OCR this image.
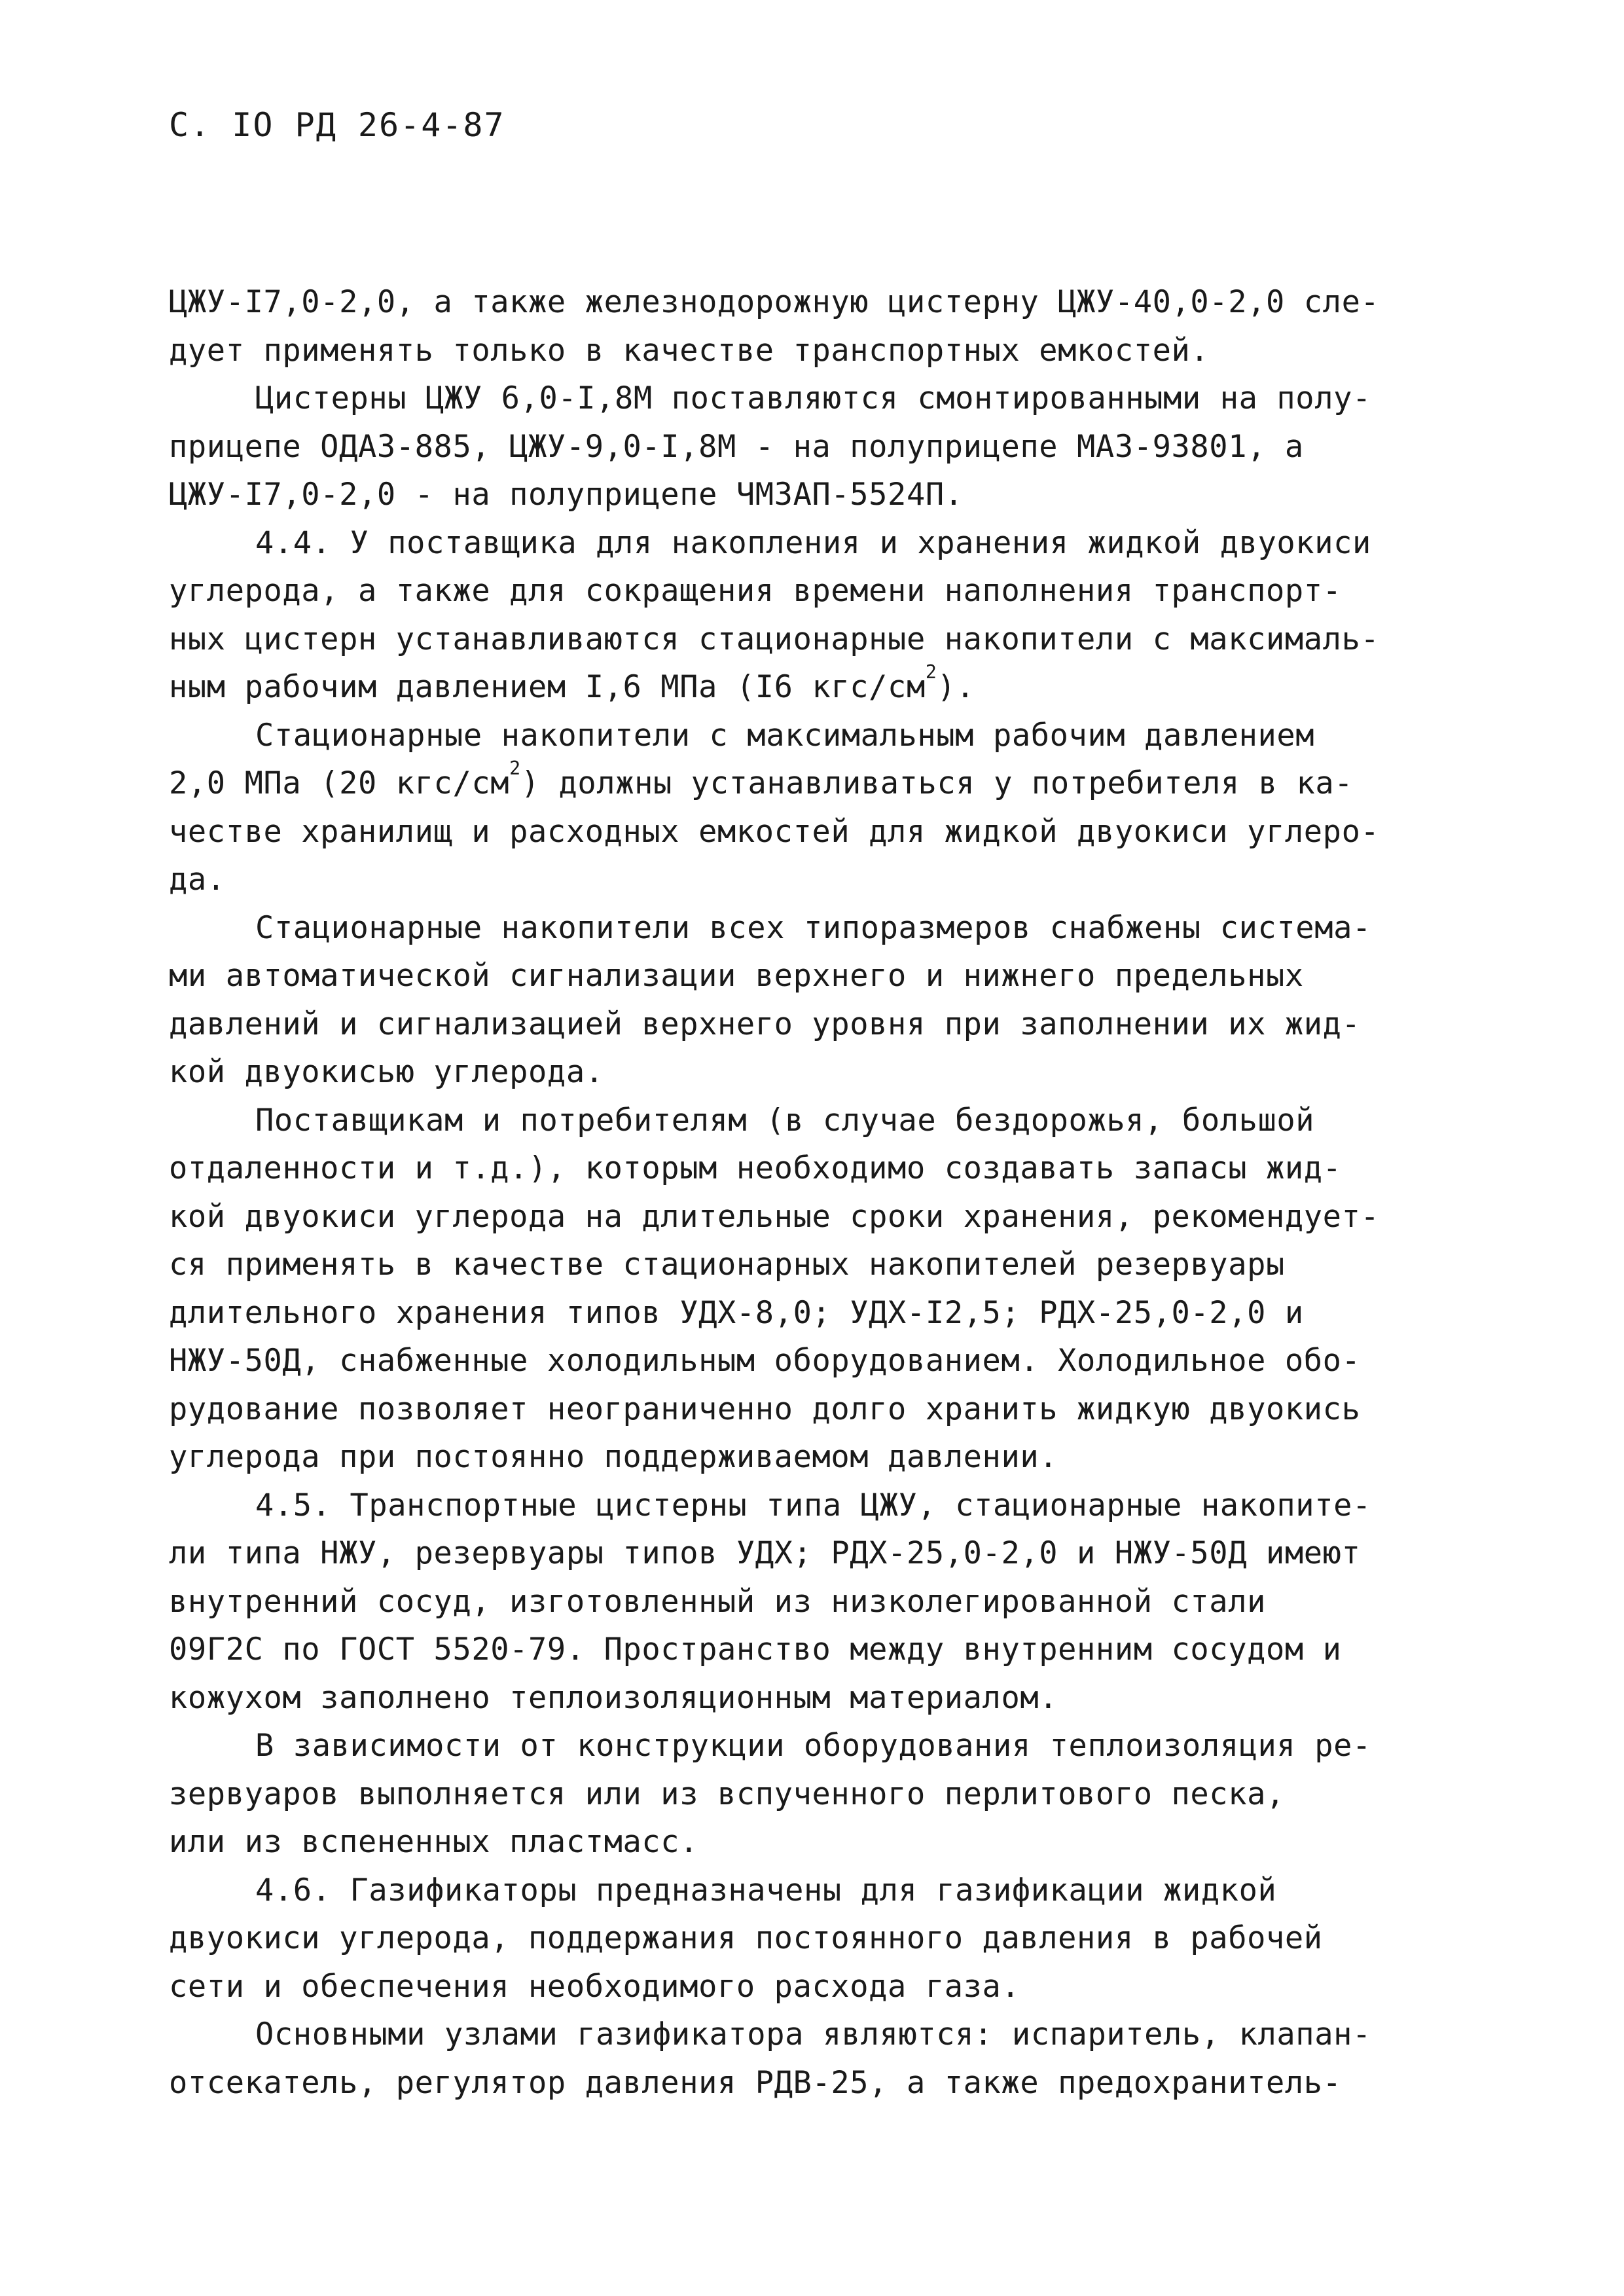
С. IO РД 26-4-87
ЦЖУ-I7,0-2,0, а также железнодорожную цистерну ЦЖУ-40,0-2,0 сле-
дует применять только в качестве транспортных емкостей.
Цистерны ЦЖУ 6,0-I,8М поставляются смонтированными на полу-
прицепе ОДАЗ-885, ЦЖУ-9,0-I,8М - на полуприцепе МАЗ-93801, а
ЦЖУ-I7,0-2,0 - на полуприцепе ЧМЗАП-5524П.
4.4. У поставщика для накопления и хранения жидкой двуокиси
углерода, а также для сокращения времени наполнения транспорт-
ных цистерн устанавливаются стационарные накопители с максималь-
ным рабочим давлением I,6 МПа (I6 кгс/$см^2$).
Стационарные накопители с максимальным рабочим давлением
2,0 МПа (20 кгс/$см^2$) должны устанавливаться у потребителя в ка-
честве хранилищ и расходных емкостей для жидкой двуокиси углеро-
да.
Стационарные накопители всех типоразмеров снабжены системa-
ми автоматической сигнализации верхнего и нижнего предельных
давлений и сигнализацией верхнего уровня при заполнении их жид-
кой двуокисью углерода.
Поставщикам и потребителям (в случае бездорожья, большой
отдаленности и т.д.), которым необходимо создавать запасы жид-
кой двуокиси углерода на длительные сроки хранения, рекомендует-
ся применять в качестве стационарных накопителей резервуары
длительного хранения типов УДХ-8,0; УДХ-I2,5; РДХ-25,0-2,0 и
НЖУ-50Д, снабженные холодильным оборудованием. Холодильное обо-
рудование позволяет неограниченно долго хранить жидкую двуокись
углерода при постоянно поддерживаемом давлении.
4.5. Транспортные цистерны типа ЦЖУ, стационарные накопите-
ли типа НЖУ, резервуары типов УДХ; РДХ-25,0-2,0 и НЖУ-50Д имеют
внутренний сосуд, изготовленный из низколегированной стали
09Г2С по ГОСТ 5520-79. Пространство между внутренним сосудом и
кожухом заполнено теплоизоляционным материалом.
В зависимости от конструкции оборудования теплоизоляция ре-
зервуаров выполняется или из вспученного перлитового песка,
или из вспененных пластмасс.
4.6. Газификаторы предназначены для газификации жидкой
двуокиси углерода, поддержания постоянного давления в рабочей
сети и обеспечения необходимого расхода газа.
Основными узлами газификатора являются: испаритель, клапан-
отсекатель, регулятор давления РДВ-25, а также предохранитель-
